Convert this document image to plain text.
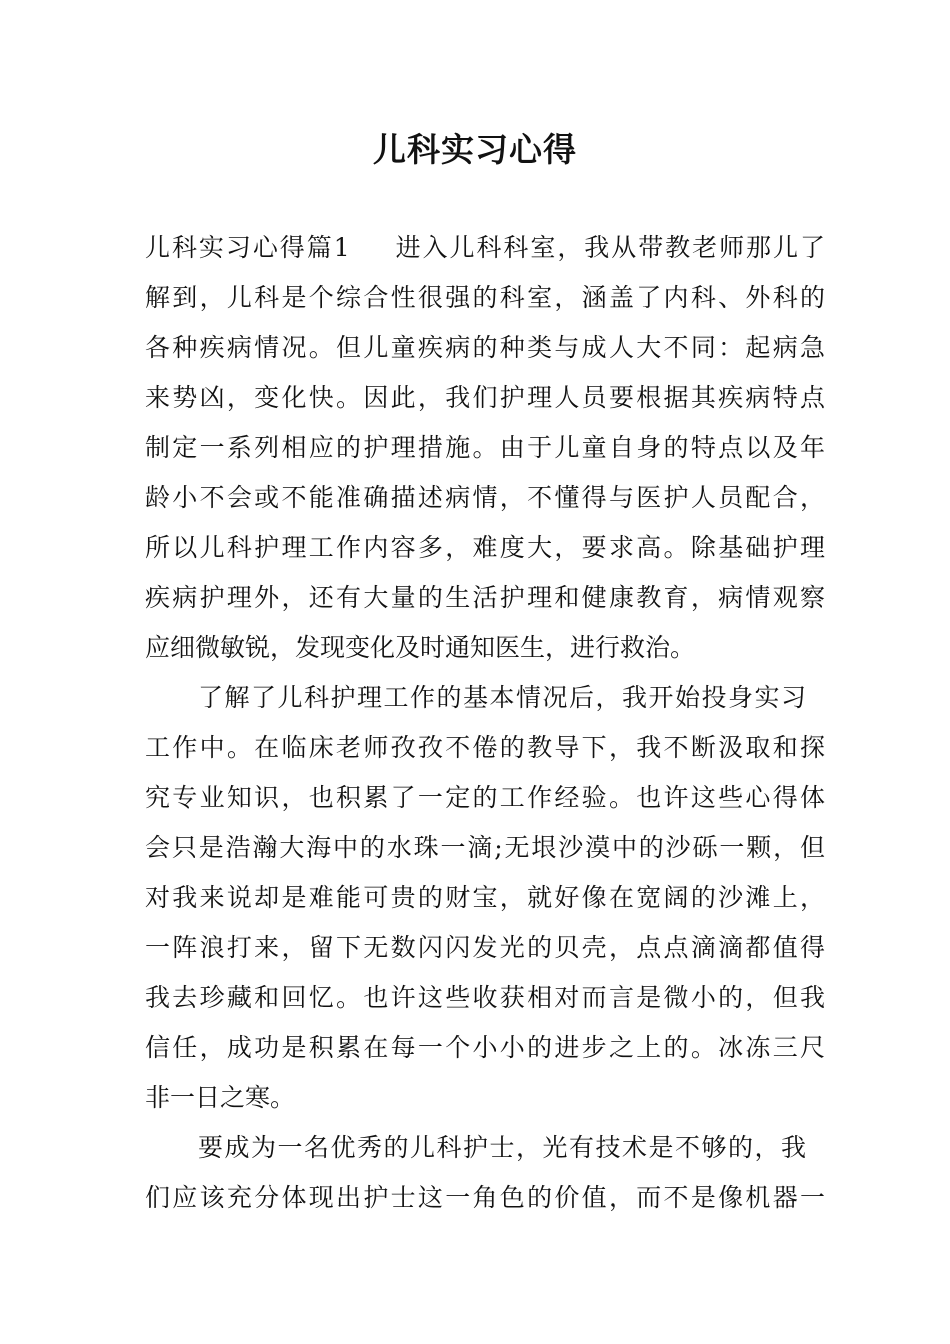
儿科实习心得
儿科实习心得篇1 进入儿科科室，我从带教老师那儿了
解到，儿科是个综合性很强的科室，涵盖了内科、外科的
各种疾病情况。但儿童疾病的种类与成人大不同：起病急
来势凶，变化快。因此，我们护理人员要根据其疾病特点
制定一系列相应的护理措施。由于儿童自身的特点以及年
龄小不会或不能准确描述病情，不懂得与医护人员配合，
所以儿科护理工作内容多，难度大，要求高。除基础护理
疾病护理外，还有大量的生活护理和健康教育，病情观察
应细微敏锐，发现变化及时通知医生，进行救治。
了解了儿科护理工作的基本情况后，我开始投身实习
工作中。在临床老师孜孜不倦的教导下，我不断汲取和探
究专业知识，也积累了一定的工作经验。也许这些心得体
会只是浩瀚大海中的水珠一滴;无垠沙漠中的沙砾一颗，但
对我来说却是难能可贵的财宝，就好像在宽阔的沙滩上，
一阵浪打来，留下无数闪闪发光的贝壳，点点滴滴都值得
我去珍藏和回忆。也许这些收获相对而言是微小的，但我
信任，成功是积累在每一个小小的进步之上的。冰冻三尺
非一日之寒。
要成为一名优秀的儿科护士，光有技术是不够的，我
们应该充分体现出护士这一角色的价值，而不是像机器一
